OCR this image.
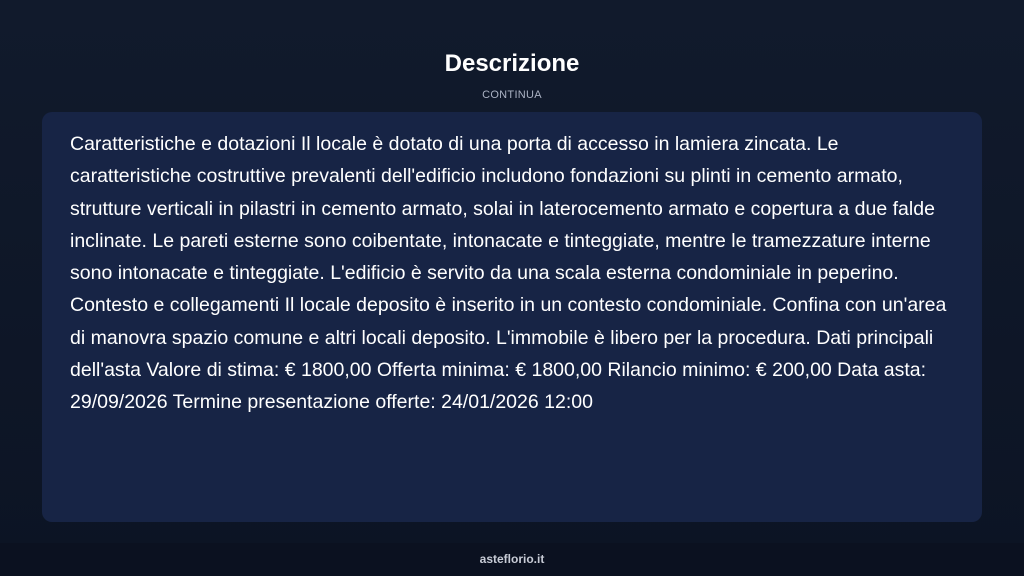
Descrizione
CONTINUA

Caratteristiche e dotazioni Il locale è dotato di una porta di accesso in lamiera zincata. Le caratteristiche costruttive prevalenti dell'edificio includono fondazioni su plinti in cemento armato, strutture verticali in pilastri in cemento armato, solai in laterocemento armato e copertura a due falde inclinate. Le pareti esterne sono coibentate, intonacate e tinteggiate, mentre le tramezzature interne sono intonacate e tinteggiate. L'edificio è servito da una scala esterna condominiale in peperino. Contesto e collegamenti Il locale deposito è inserito in un contesto condominiale. Confina con un'area di manovra spazio comune e altri locali deposito. L'immobile è libero per la procedura. Dati principali dell'asta Valore di stima: € 1800,00 Offerta minima: € 1800,00 Rilancio minimo: € 200,00 Data asta: 29/09/2026 Termine presentazione offerte: 24/01/2026 12:00

asteflorio.it
